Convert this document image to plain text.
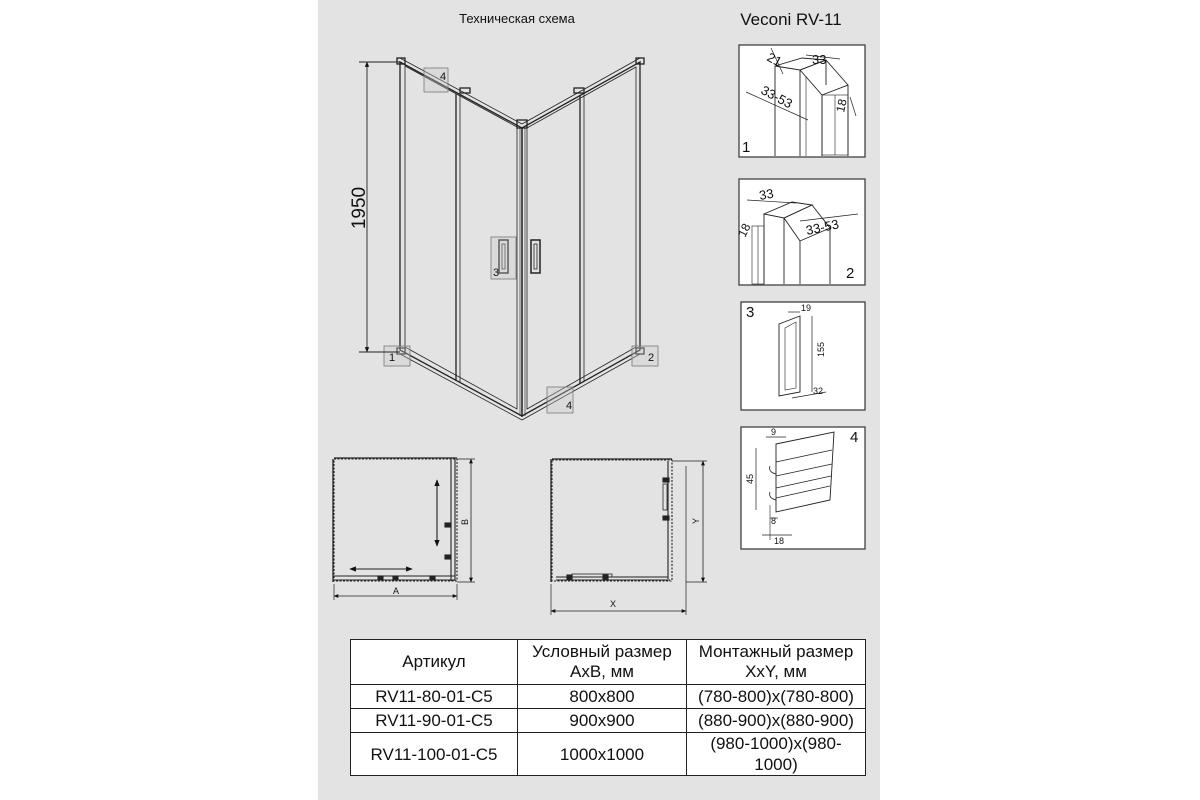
Техническая схема	Veconi RV-11
4
3
1	2
4
1950
A
B
X
Y
21 33
33-53	18
1
33
18	33-53
2
19
155
32
3
9
45
8
18
4
Артикул	Условный размер AxB, мм	Монтажный размер XxY, мм
RV11-80-01-C5	800x800	(780-800)x(780-800)
RV11-90-01-C5	900x900	(880-900)x(880-900)
RV11-100-01-C5	1000x1000	(980-1000)x(980-1000)
